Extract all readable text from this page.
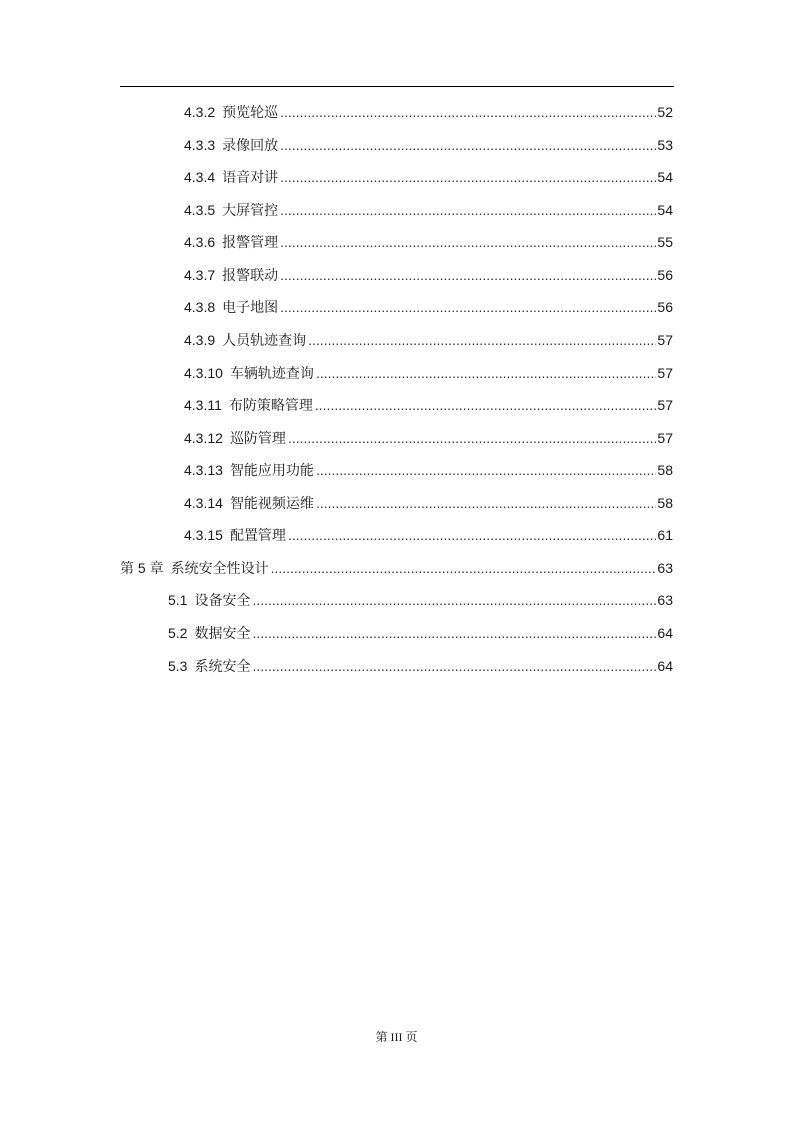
4.3.2 预览轮巡 .....	52
4.3.3 录像回放 .....	53
4.3.4 语音对讲 .....	54
4.3.5 大屏管控 .....	54
4.3.6 报警管理 .....	55
4.3.7 报警联动 .....	56
4.3.8 电子地图 .....	56
4.3.9 人员轨迹查询 .....	57
4.3.10 车辆轨迹查询 .....	57
4.3.11 布防策略管理 .....	57
4.3.12 巡防管理 .....	57
4.3.13 智能应用功能 .....	58
4.3.14 智能视频运维 .....	58
4.3.15 配置管理 .....	61
第 5 章 系统安全性设计 .....	63
5.1 设备安全 .....	63
5.2 数据安全 .....	64
5.3 系统安全 .....	64
第 III 页
